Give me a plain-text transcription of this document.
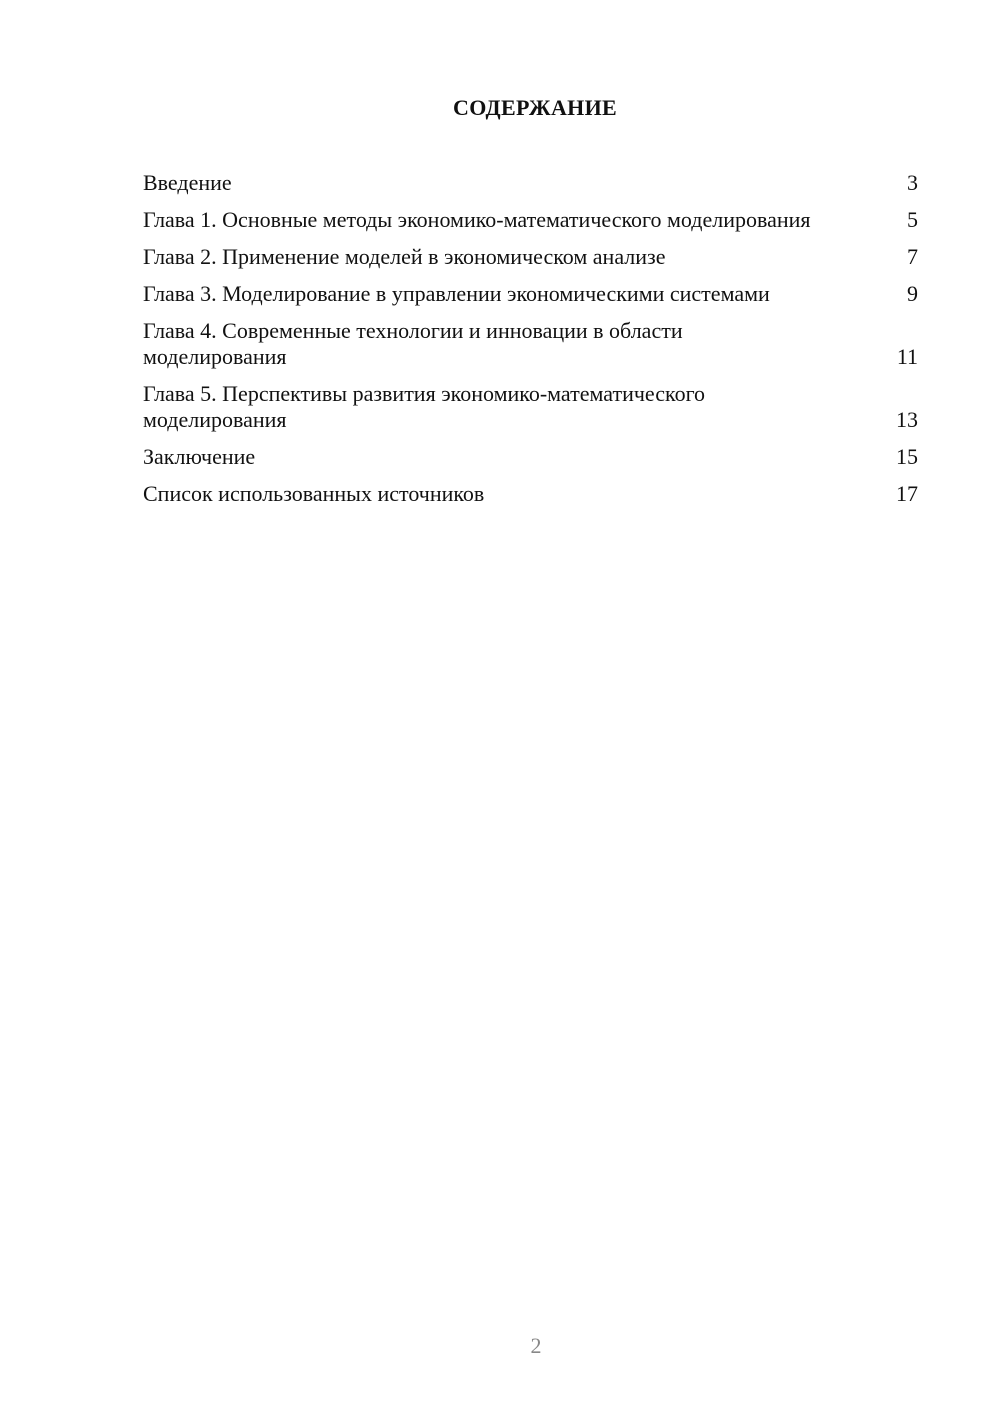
СОДЕРЖАНИЕ
Введение	3
Глава 1. Основные методы экономико-математического моделирования	5
Глава 2. Применение моделей в экономическом анализе	7
Глава 3. Моделирование в управлении экономическими системами	9
Глава 4. Современные технологии и инновации в области моделирования	11
Глава 5. Перспективы развития экономико-математического моделирования	13
Заключение	15
Список использованных источников	17
2
